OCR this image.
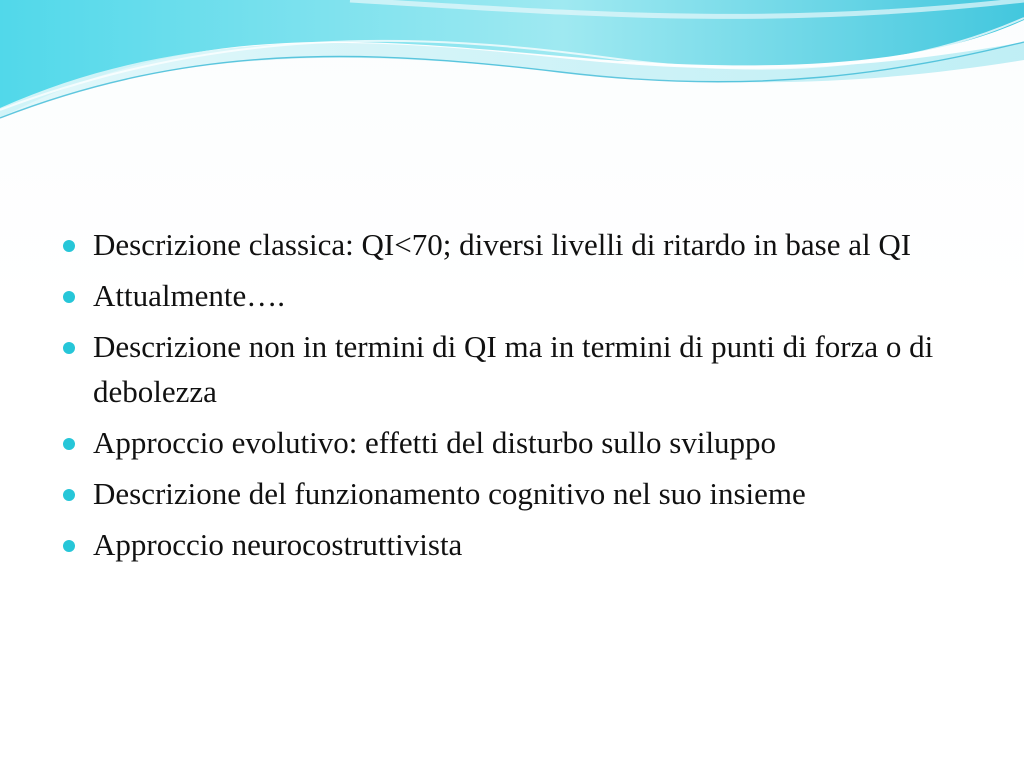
Descrizione classica: QI<70; diversi livelli di ritardo in base al QI
Attualmente….
Descrizione non in termini di QI ma in termini di punti di forza o di debolezza
Approccio evolutivo: effetti del disturbo sullo sviluppo
Descrizione del funzionamento cognitivo nel suo insieme
Approccio neurocostruttivista
